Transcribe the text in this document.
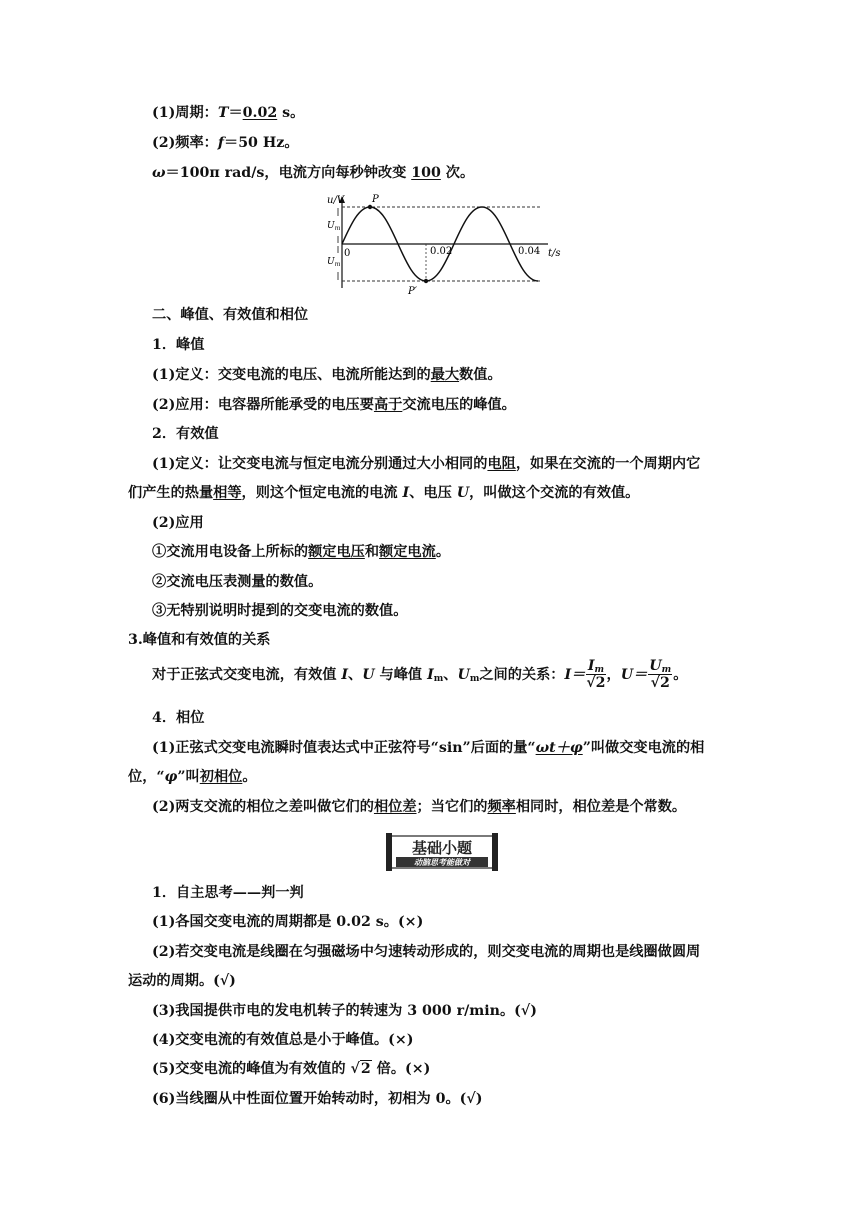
(1)周期：T＝0.02 s。
(2)频率：f＝50 Hz。
ω＝100π rad/s，电流方向每秒钟改变 100 次。
u/V	P
P′
0	0.02	0.04 t/s
$U_m$
$U_m$
二、峰值、有效值和相位
1．峰值
(1)定义：交变电流的电压、电流所能达到的最大数值。
(2)应用：电容器所能承受的电压要高于交流电压的峰值。
2．有效值
(1)定义：让交变电流与恒定电流分别通过大小相同的电阻，如果在交流的一个周期内它
们产生的热量相等，则这个恒定电流的电流 I、电压 U，叫做这个交流的有效值。
(2)应用
①交流用电设备上所标的额定电压和额定电流。
②交流电压表测量的数值。
③无特别说明时提到的交变电流的数值。
3.峰值和有效值的关系
对于正弦式交变电流，有效值 I、U 与峰值 $I_m$、$U_m$之间的关系：$I= \frac{I_m}{√2}$ ，$U= \frac{U_m}{√2}$ 。
4．相位
(1)正弦式交变电流瞬时值表达式中正弦符号“sin”后面的量“ωt＋φ”叫做交变电流的相
位，“φ”叫初相位。
(2)两支交流的相位之差叫做它们的相位差；当它们的频率相同时，相位差是个常数。
基础小题
动脑思考能做对
1．自主思考——判一判
(1)各国交变电流的周期都是 0.02 s。(×)
(2)若交变电流是线圈在匀强磁场中匀速转动形成的，则交变电流的周期也是线圈做圆周
运动的周期。(√)
(3)我国提供市电的发电机转子的转速为 3 000 r/min。(√)
(4)交变电流的有效值总是小于峰值。(×)
(5)交变电流的峰值为有效值的 √2 倍。(×)
(6)当线圈从中性面位置开始转动时，初相为 0。(√)
